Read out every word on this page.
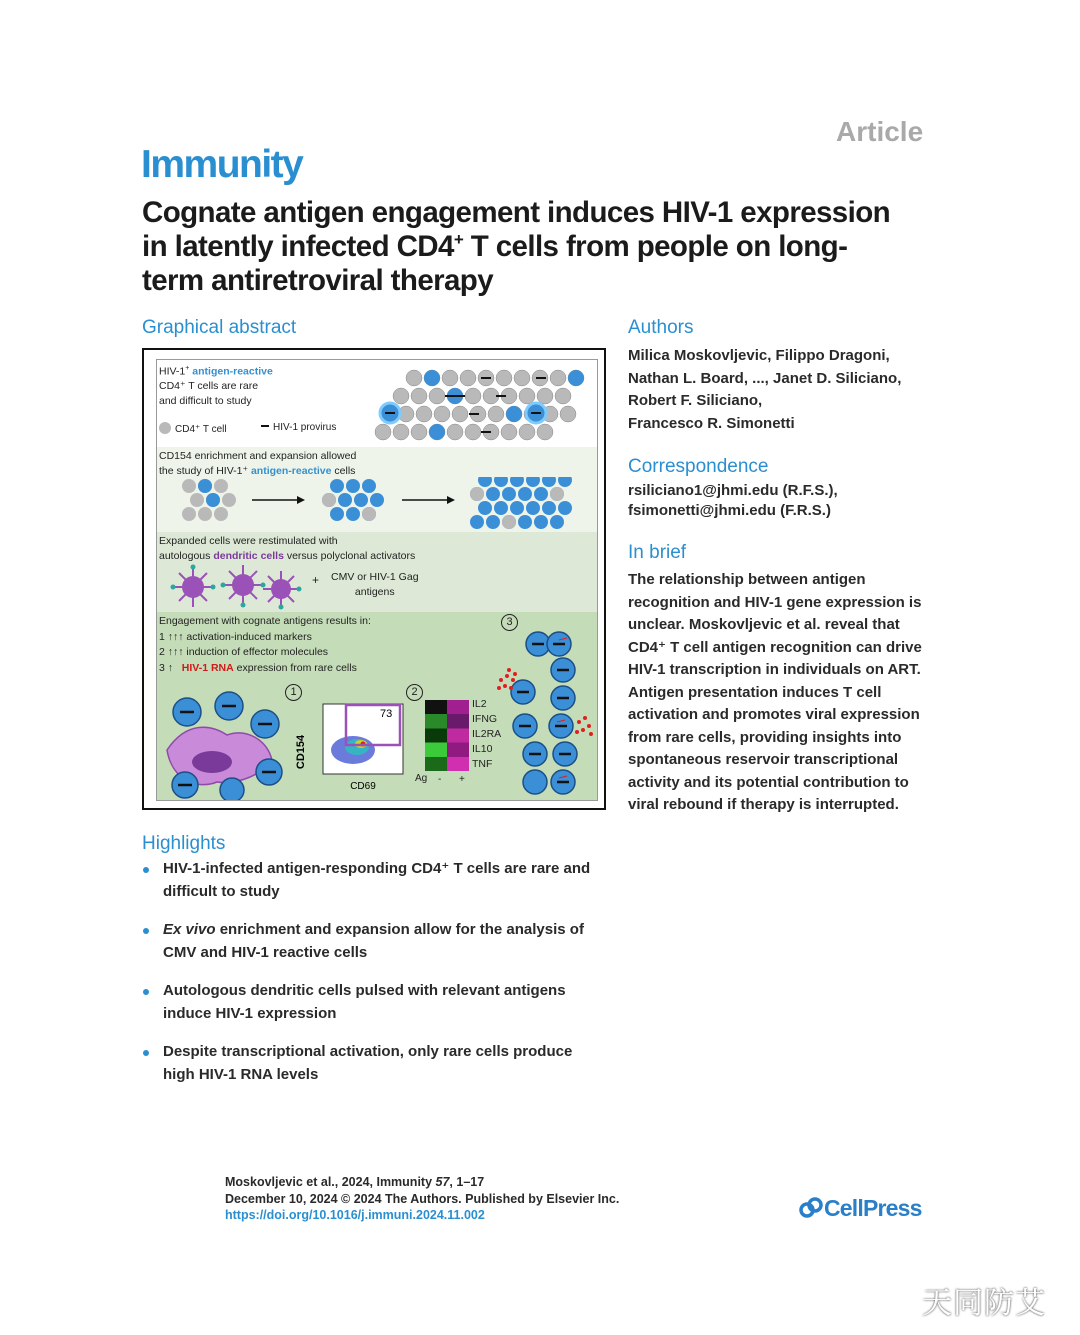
Article
Immunity
Cognate antigen engagement induces HIV-1 expression
in latently infected CD4+ T cells from people on long-
term antiretroviral therapy
Graphical abstract
HIV-1+ antigen-reactive
CD4⁺ T cells are rare
and difficult to study
CD4⁺ T cell	HIV-1 provirus
CD154 enrichment and expansion allowed
the study of HIV-1⁺ antigen-reactive cells
Expanded cells were restimulated with
autologous dendritic cells versus polyclonal activators
+ CMV or HIV-1 Gag
antigens
Engagement with cognate antigens results in:
1 ↑↑↑ activation-induced markers
2 ↑↑↑ induction of effector molecules
3 ↑ HIV-1 RNA expression from rare cells
1	2
3
CD154
73
CD69
IL2
IFNG
IL2RA
IL10
TNF
Ag - +
Authors
Milica Moskovljevic, Filippo Dragoni,
Nathan L. Board, ..., Janet D. Siliciano,
Robert F. Siliciano,
Francesco R. Simonetti
Correspondence
rsiliciano1@jhmi.edu (R.F.S.),
fsimonetti@jhmi.edu (F.R.S.)
In brief
The relationship between antigen
recognition and HIV-1 gene expression is
unclear. Moskovljevic et al. reveal that
CD4⁺ T cell antigen recognition can drive
HIV-1 transcription in individuals on ART.
Antigen presentation induces T cell
activation and promotes viral expression
from rare cells, providing insights into
spontaneous reservoir transcriptional
activity and its potential contribution to
viral rebound if therapy is interrupted.
Highlights
HIV-1-infected antigen-responding CD4⁺ T cells are rare and
difficult to study
Ex vivo enrichment and expansion allow for the analysis of
CMV and HIV-1 reactive cells
Autologous dendritic cells pulsed with relevant antigens
induce HIV-1 expression
Despite transcriptional activation, only rare cells produce
high HIV-1 RNA levels
Moskovljevic et al., 2024, Immunity 57, 1–17
December 10, 2024 © 2024 The Authors. Published by Elsevier Inc.
https://doi.org/10.1016/j.immuni.2024.11.002	CellPress
天同防艾
